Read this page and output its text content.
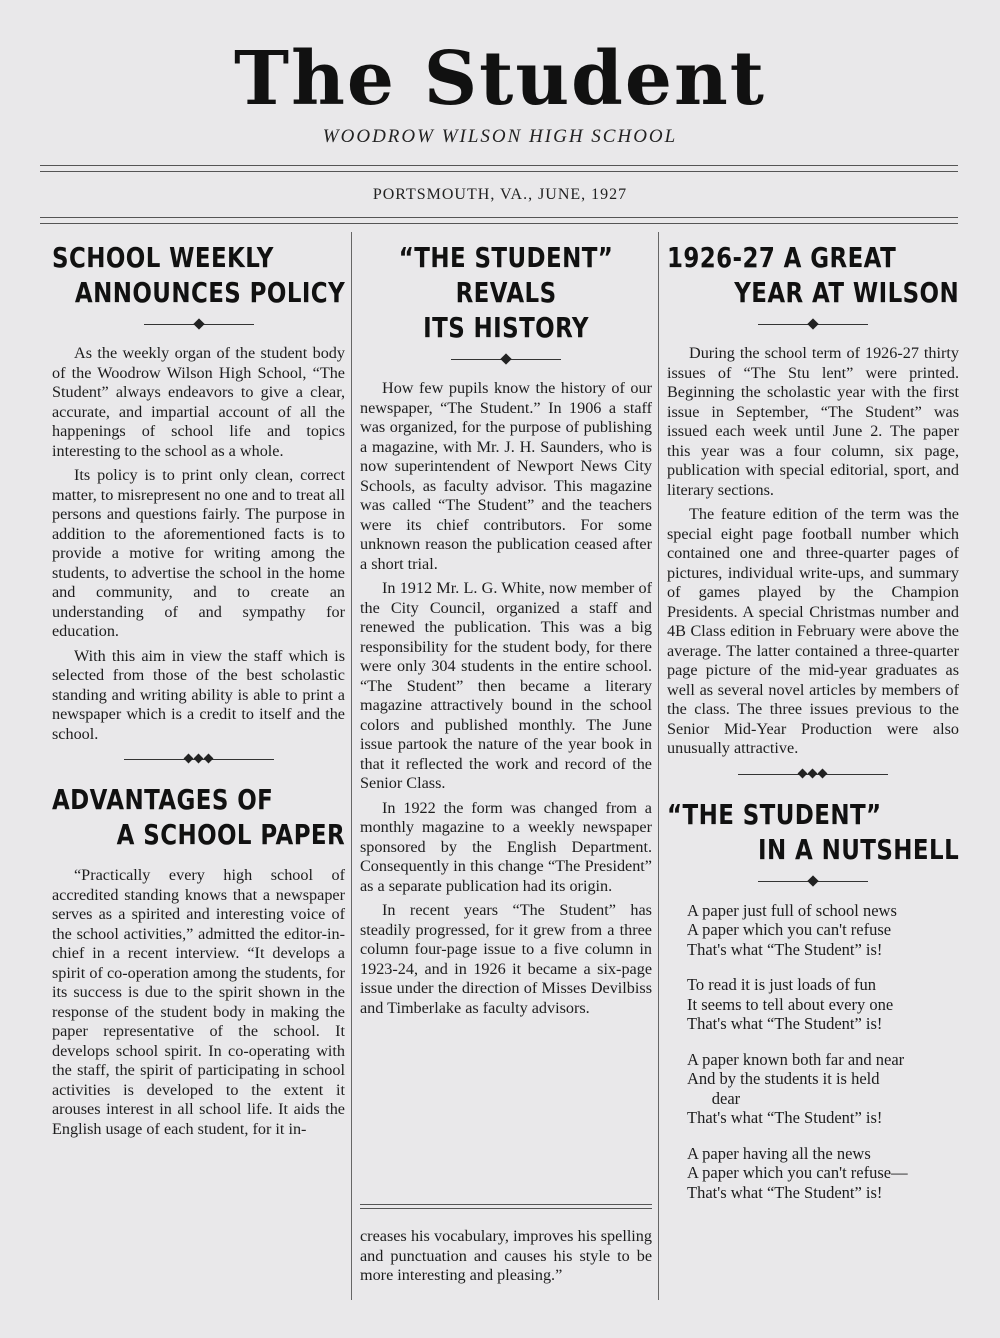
The Student
WOODROW WILSON HIGH SCHOOL
PORTSMOUTH, VA., JUNE, 1927
SCHOOL WEEKLY
ANNOUNCES POLICY

As the weekly organ of the student body of the Woodrow Wilson High School, “The Student” always endeavors to give a clear, accurate, and impartial account of all the happenings of school life and topics interesting to the school as a whole.

Its policy is to print only clean, correct matter, to misrepresent no one and to treat all persons and questions fairly. The purpose in addition to the aforementioned facts is to provide a motive for writing among the students, to advertise the school in the home and community, and to create an understanding of and sympathy for education.

With this aim in view the staff which is selected from those of the best scholastic standing and writing ability is able to print a newspaper which is a credit to itself and the school.

ADVANTAGES OF
A SCHOOL PAPER

“Practically every high school of accredited standing knows that a newspaper serves as a spirited and interesting voice of the school activities,” admitted the editor-in-chief in a recent interview. “It develops a spirit of co-operation among the students, for its success is due to the spirit shown in the response of the student body in making the paper representative of the school. It develops school spirit. In co-operating with the staff, the spirit of participating in school activities is developed to the extent it arouses interest in all school life. It aids the English usage of each student, for it in-

“THE STUDENT” REVALS
ITS HISTORY

How few pupils know the history of our newspaper, “The Student.” In 1906 a staff was organized, for the purpose of publishing a magazine, with Mr. J. H. Saunders, who is now superintendent of Newport News City Schools, as faculty advisor. This magazine was called “The Student” and the teachers were its chief contributors. For some unknown reason the publication ceased after a short trial.

In 1912 Mr. L. G. White, now member of the City Council, organized a staff and renewed the publication. This was a big responsibility for the student body, for there were only 304 students in the entire school. “The Student” then became a literary magazine attractively bound in the school colors and published monthly. The June issue partook the nature of the year book in that it reflected the work and record of the Senior Class.

In 1922 the form was changed from a monthly magazine to a weekly newspaper sponsored by the English Department. Consequently in this change “The President” as a separate publication had its origin.

In recent years “The Student” has steadily progressed, for it grew from a three column four-page issue to a five column in 1923-24, and in 1926 it became a six-page issue under the direction of Misses Devilbiss and Timberlake as faculty advisors.

creases his vocabulary, improves his spelling and punctuation and causes his style to be more interesting and pleasing.”

1926-27 A GREAT
YEAR AT WILSON

During the school term of 1926-27 thirty issues of “The Stu lent” were printed. Beginning the scholastic year with the first issue in September, “The Student” was issued each week until June 2. The paper this year was a four column, six page, publication with special editorial, sport, and literary sections.

The feature edition of the term was the special eight page football number which contained one and three-quarter pages of pictures, individual write-ups, and summary of games played by the Champion Presidents. A special Christmas number and 4B Class edition in February were above the average. The latter contained a three-quarter page picture of the mid-year graduates as well as several novel articles by members of the class. The three issues previous to the Senior Mid-Year Production were also unusually attractive.

“THE STUDENT”
IN A NUTSHELL
A paper just full of school news
A paper which you can't refuse
That's what “The Student” is!
To read it is just loads of fun
It seems to tell about every one
That's what “The Student” is!
A paper known both far and near
And by the students it is held
dear
That's what “The Student” is!
A paper having all the news
A paper which you can't refuse—
That's what “The Student” is!
